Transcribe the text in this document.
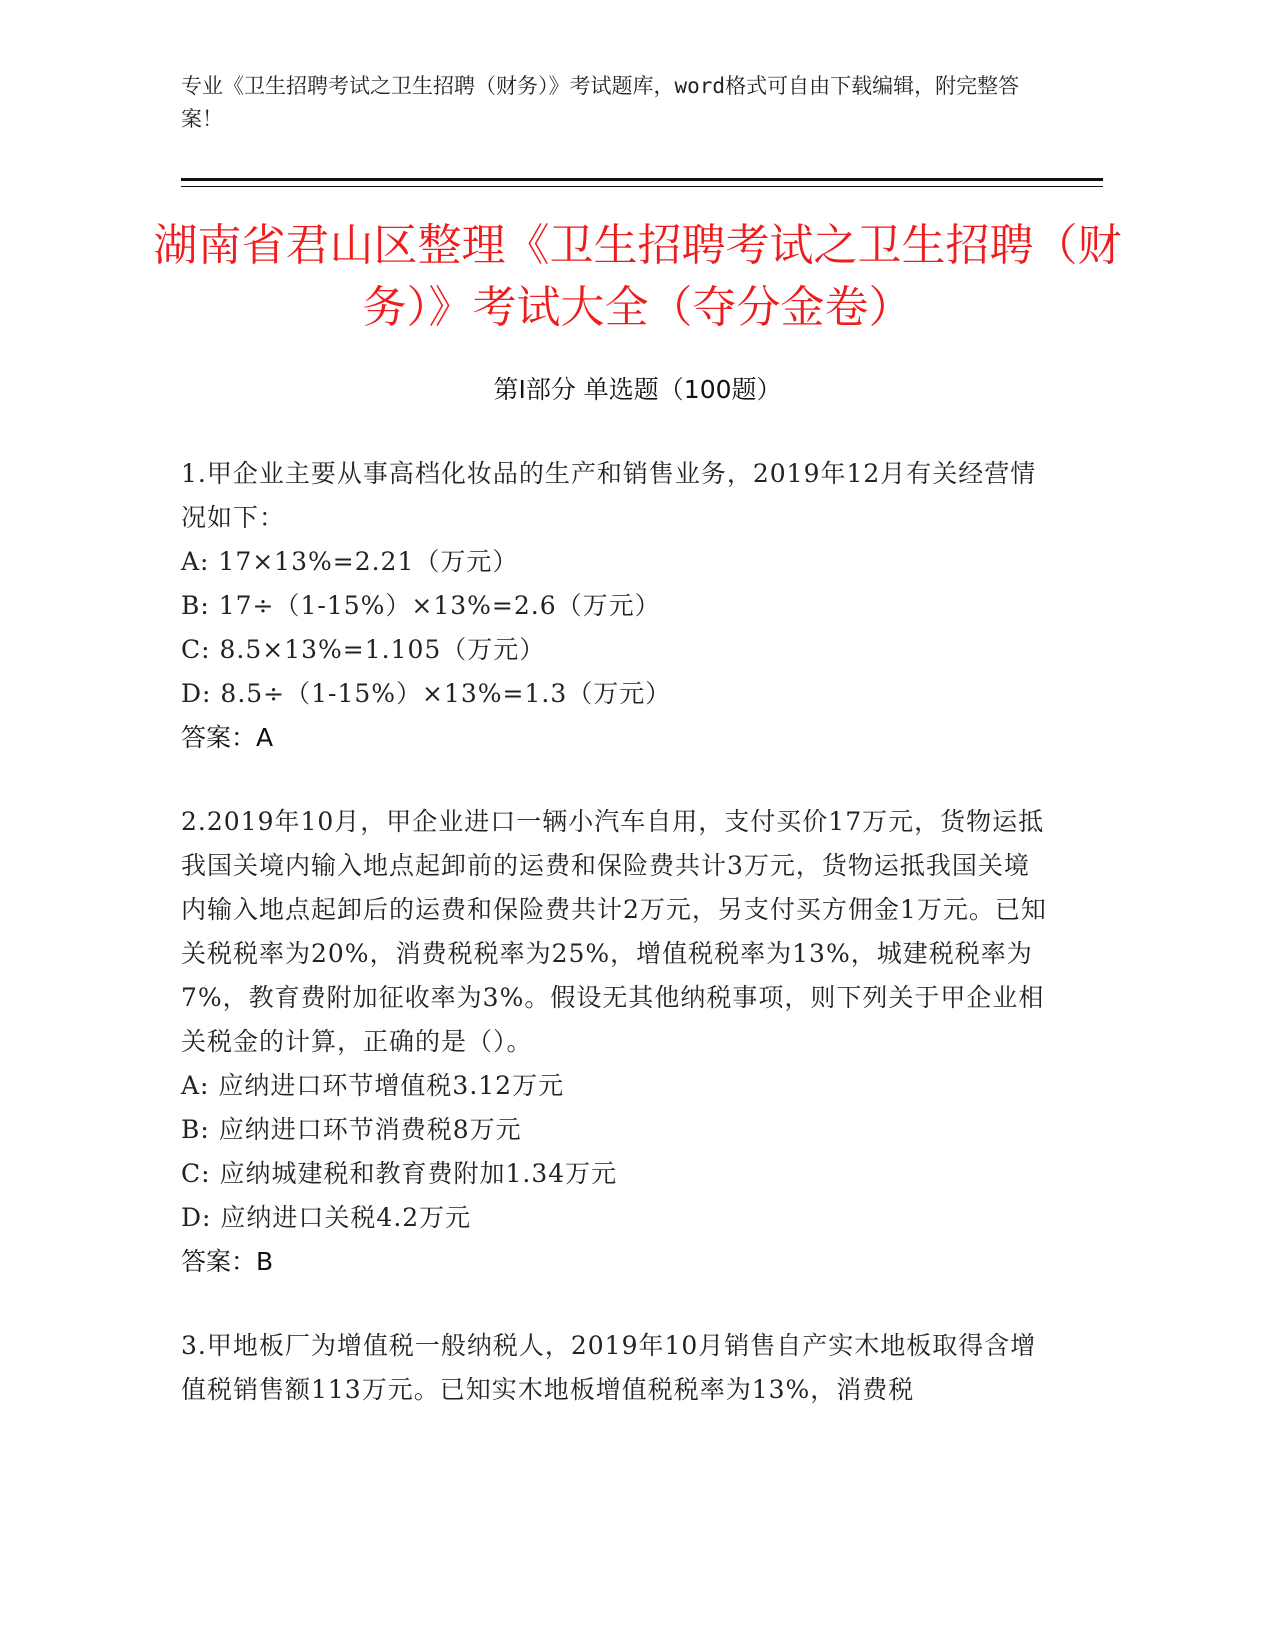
专业《卫生招聘考试之卫生招聘（财务）》考试题库，word格式可自由下载编辑，附完整答案！
湖南省君山区整理《卫生招聘考试之卫生招聘（财务）》考试大全（夺分金卷）
第Ⅰ部分 单选题（100题）
1.甲企业主要从事高档化妆品的生产和销售业务，2019年12月有关经营情况如下：
A: 17×13%=2.21（万元）
B: 17÷（1-15%）×13%=2.6（万元）
C: 8.5×13%=1.105（万元）
D: 8.5÷（1-15%）×13%=1.3（万元）
答案：A
2.2019年10月，甲企业进口一辆小汽车自用，支付买价17万元，货物运抵我国关境内输入地点起卸前的运费和保险费共计3万元，货物运抵我国关境内输入地点起卸后的运费和保险费共计2万元，另支付买方佣金1万元。已知关税税率为20%，消费税税率为25%，增值税税率为13%，城建税税率为7%，教育费附加征收率为3%。假设无其他纳税事项，则下列关于甲企业相关税金的计算，正确的是（）。
A: 应纳进口环节增值税3.12万元
B: 应纳进口环节消费税8万元
C: 应纳城建税和教育费附加1.34万元
D: 应纳进口关税4.2万元
答案：B
3.甲地板厂为增值税一般纳税人，2019年10月销售自产实木地板取得含增值税销售额113万元。已知实木地板增值税税率为13%，消费税
